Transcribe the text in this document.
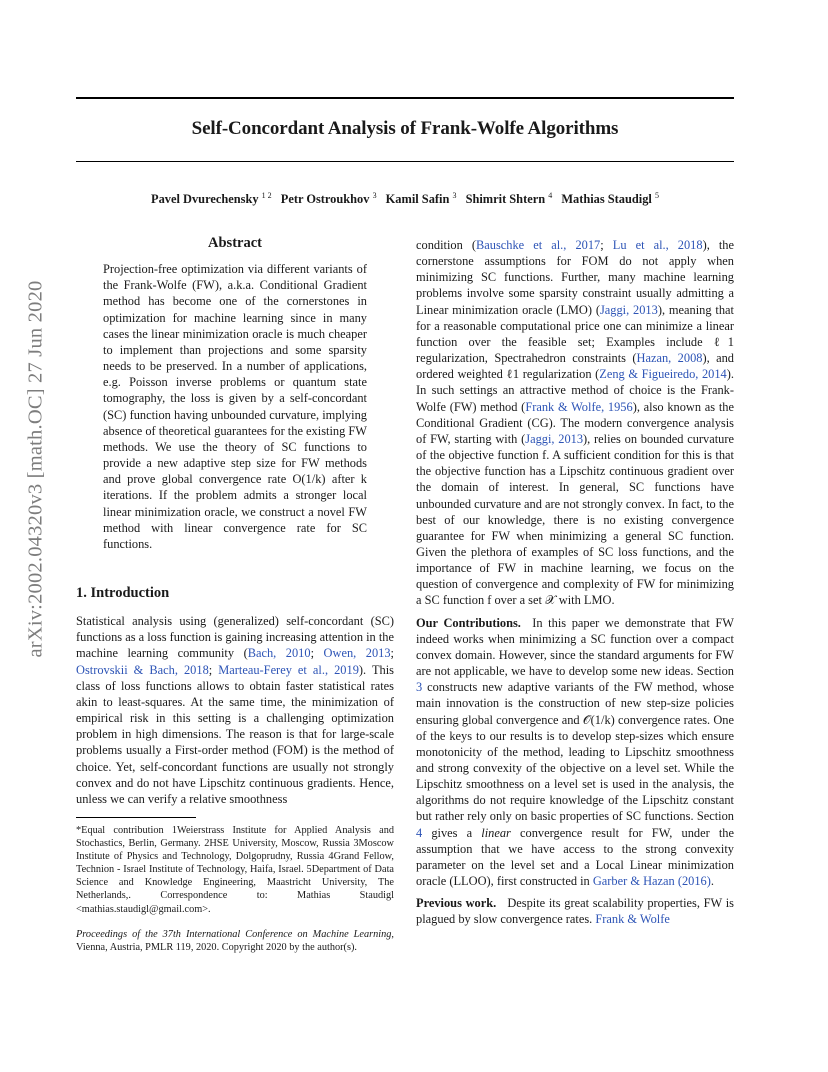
Self-Concordant Analysis of Frank-Wolfe Algorithms
Pavel Dvurechensky $^{1 2}$ Petr Ostroukhov $^3$ Kamil Safin $^3$ Shimrit Shtern $^4$ Mathias Staudigl $^5$
arXiv:2002.04320v3 [math.OC] 27 Jun 2020
Abstract

Projection-free optimization via different variants of the Frank-Wolfe (FW), a.k.a. Conditional Gradient method has become one of the cornerstones in optimization for machine learning since in many cases the linear minimization oracle is much cheaper to implement than projections and some sparsity needs to be preserved. In a number of applications, e.g. Poisson inverse problems or quantum state tomography, the loss is given by a self-concordant (SC) function having unbounded curvature, implying absence of theoretical guarantees for the existing FW methods. We use the theory of SC functions to provide a new adaptive step size for FW methods and prove global convergence rate O(1/k) after k iterations. If the problem admits a stronger local linear minimization oracle, we construct a novel FW method with linear convergence rate for SC functions.

1. Introduction

Statistical analysis using (generalized) self-concordant (SC) functions as a loss function is gaining increasing attention in the machine learning community (Bach, 2010; Owen, 2013; Ostrovskii & Bach, 2018; Marteau-Ferey et al., 2019). This class of loss functions allows to obtain faster statistical rates akin to least-squares. At the same time, the minimization of empirical risk in this setting is a challenging optimization problem in high dimensions. The reason is that for large-scale problems usually a First-order method (FOM) is the method of choice. Yet, self-concordant functions are usually not strongly convex and do not have Lipschitz continuous gradients. Hence, unless we can verify a relative smoothness

*Equal contribution 1Weierstrass Institute for Applied Analysis and Stochastics, Berlin, Germany. 2HSE University, Moscow, Russia 3Moscow Institute of Physics and Technology, Dolgoprudny, Russia 4Grand Fellow, Technion - Israel Institute of Technology, Haifa, Israel. 5Department of Data Science and Knowledge Engineering, Maastricht University, The Netherlands,. Correspondence to: Mathias Staudigl <mathias.staudigl@gmail.com>.

Proceedings of the 37th International Conference on Machine Learning, Vienna, Austria, PMLR 119, 2020. Copyright 2020 by the author(s).

condition (Bauschke et al., 2017; Lu et al., 2018), the cornerstone assumptions for FOM do not apply when minimizing SC functions. Further, many machine learning problems involve some sparsity constraint usually admitting a Linear minimization oracle (LMO) (Jaggi, 2013), meaning that for a reasonable computational price one can minimize a linear function over the feasible set; Examples include ℓ1 regularization, Spectrahedron constraints (Hazan, 2008), and ordered weighted ℓ1 regularization (Zeng & Figueiredo, 2014). In such settings an attractive method of choice is the Frank-Wolfe (FW) method (Frank & Wolfe, 1956), also known as the Conditional Gradient (CG). The modern convergence analysis of FW, starting with (Jaggi, 2013), relies on bounded curvature of the objective function f. A sufficient condition for this is that the objective function has a Lipschitz continuous gradient over the domain of interest. In general, SC functions have unbounded curvature and are not strongly convex. In fact, to the best of our knowledge, there is no existing convergence guarantee for FW when minimizing a general SC function. Given the plethora of examples of SC loss functions, and the importance of FW in machine learning, we focus on the question of convergence and complexity of FW for minimizing a SC function f over a set 𝒳 with LMO.

Our Contributions. In this paper we demonstrate that FW indeed works when minimizing a SC function over a compact convex domain. However, since the standard arguments for FW are not applicable, we have to develop some new ideas. Section 3 constructs new adaptive variants of the FW method, whose main innovation is the construction of new step-size policies ensuring global convergence and 𝒪(1/k) convergence rates. One of the keys to our results is to develop step-sizes which ensure monotonicity of the method, leading to Lipschitz smoothness and strong convexity of the objective on a level set. While the Lipschitz smoothness on a level set is used in the analysis, the algorithms do not require knowledge of the Lipschitz constant but rather rely only on basic properties of SC functions. Section 4 gives a linear convergence result for FW, under the assumption that we have access to the strong convexity parameter on the level set and a Local Linear minimization oracle (LLOO), first constructed in Garber & Hazan (2016).

Previous work. Despite its great scalability properties, FW is plagued by slow convergence rates. Frank & Wolfe
